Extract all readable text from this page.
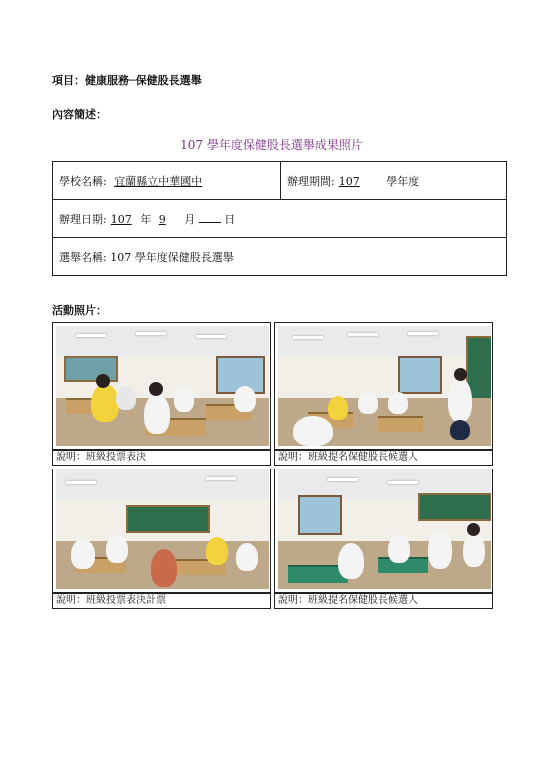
項目：健康服務─保健股長選舉
內容簡述：
107 學年度保健股長選舉成果照片
學校名稱: 宜蘭縣立中華國中	辦理期間: 107 學年度
辦理日期: 107 年 9 月	日
選舉名稱: 107 學年度保健股長選舉
活動照片：
說明：班級投票表決	說明：班級提名保健股長候選人
說明：班級投票表決計票	說明：班級提名保健股長候選人
